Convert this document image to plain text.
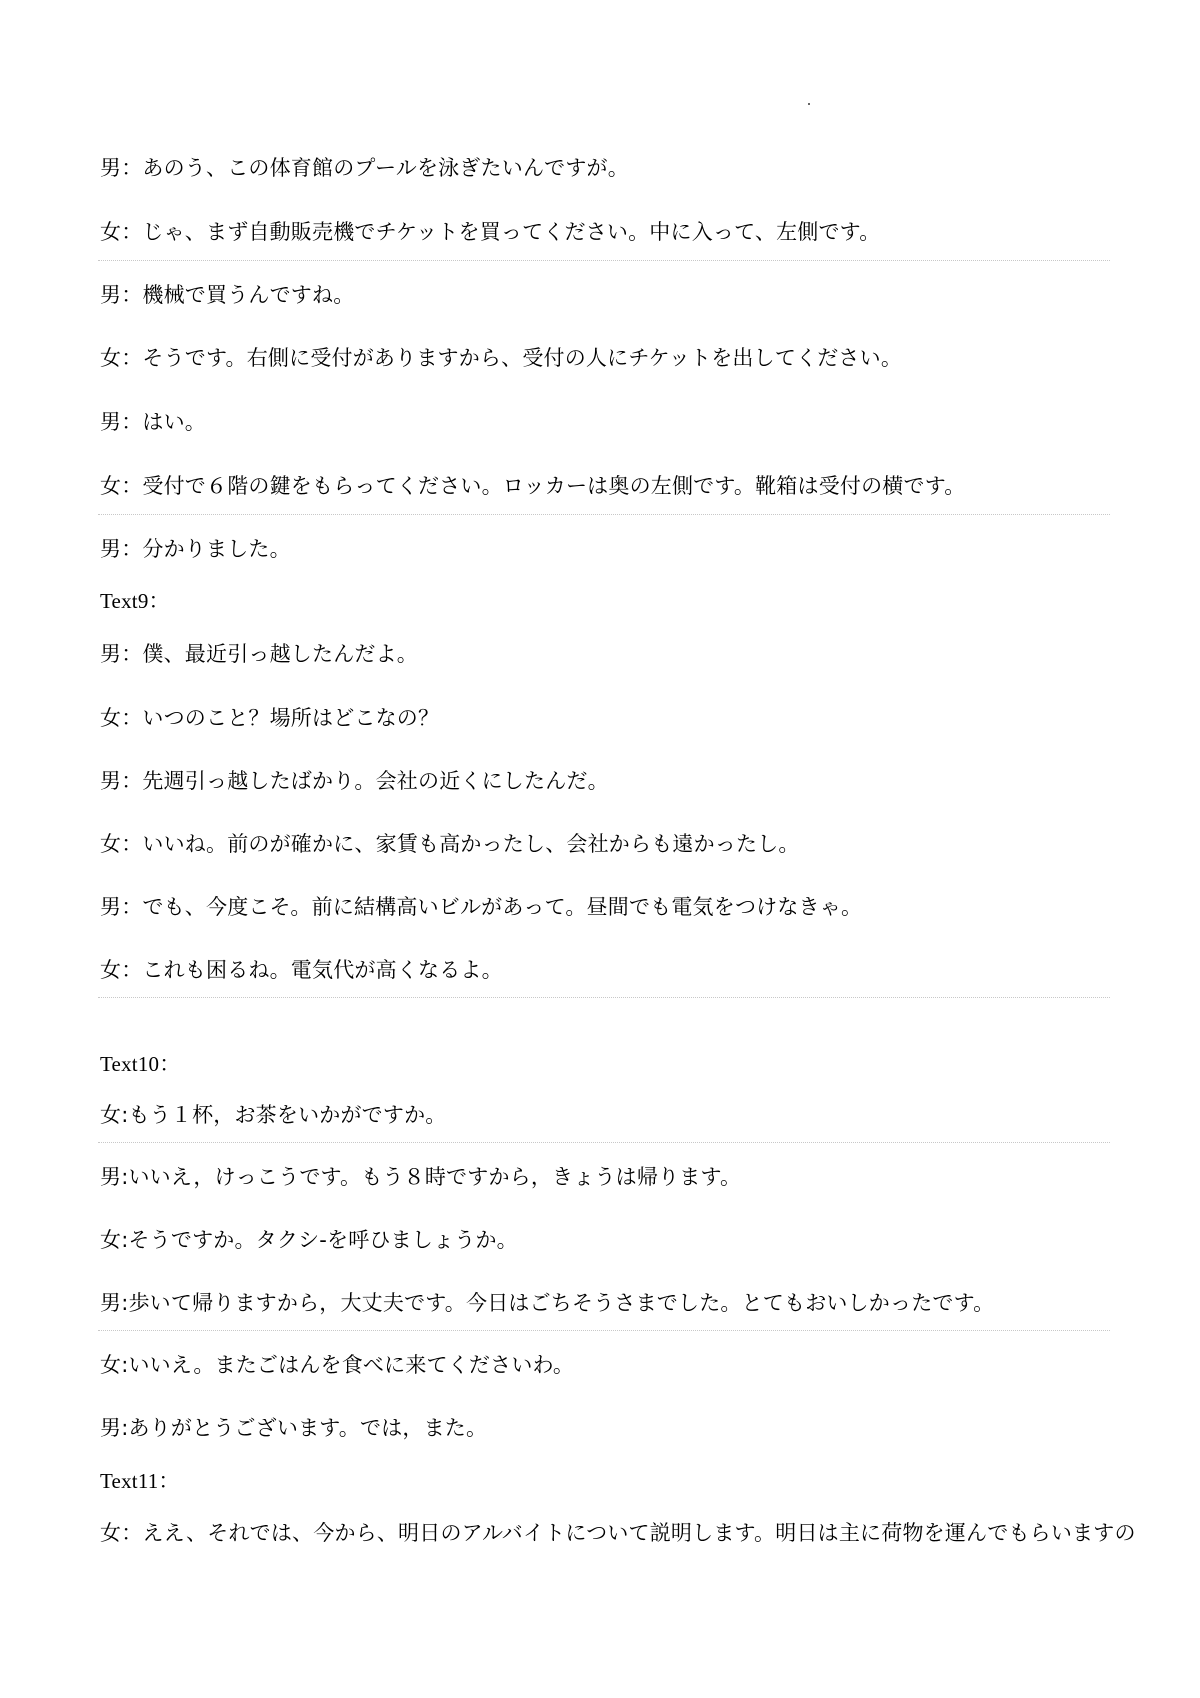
男：あのう、この体育館のプールを泳ぎたいんですが。
女：じゃ、まず自動販売機でチケットを買ってください。中に入って、左側です。
男：機械で買うんですね。
女：そうです。右側に受付がありますから、受付の人にチケットを出してください。
男：はい。
女：受付で６階の鍵をもらってください。ロッカーは奥の左側です。靴箱は受付の横です。
男：分かりました。
Text9：
男：僕、最近引っ越したんだよ。
女：いつのこと？場所はどこなの？
男：先週引っ越したばかり。会社の近くにしたんだ。
女：いいね。前のが確かに、家賃も高かったし、会社からも遠かったし。
男：でも、今度こそ。前に結構高いビルがあって。昼間でも電気をつけなきゃ。
女：これも困るね。電気代が高くなるよ。
Text10：
女:もう１杯，お茶をいかがですか。
男:いいえ，けっこうです。もう８時ですから，きょうは帰ります。
女:そうですか。タクシ-を呼ひましょうか。
男:歩いて帰りますから，大丈夫です。今日はごちそうさまでした。とてもおいしかったです。
女:いいえ。またごはんを食べに来てくださいわ。
男:ありがとうございます。では，また。
Text11：
女：ええ、それでは、今から、明日のアルバイトについて説明します。明日は主に荷物を運んでもらいますの
